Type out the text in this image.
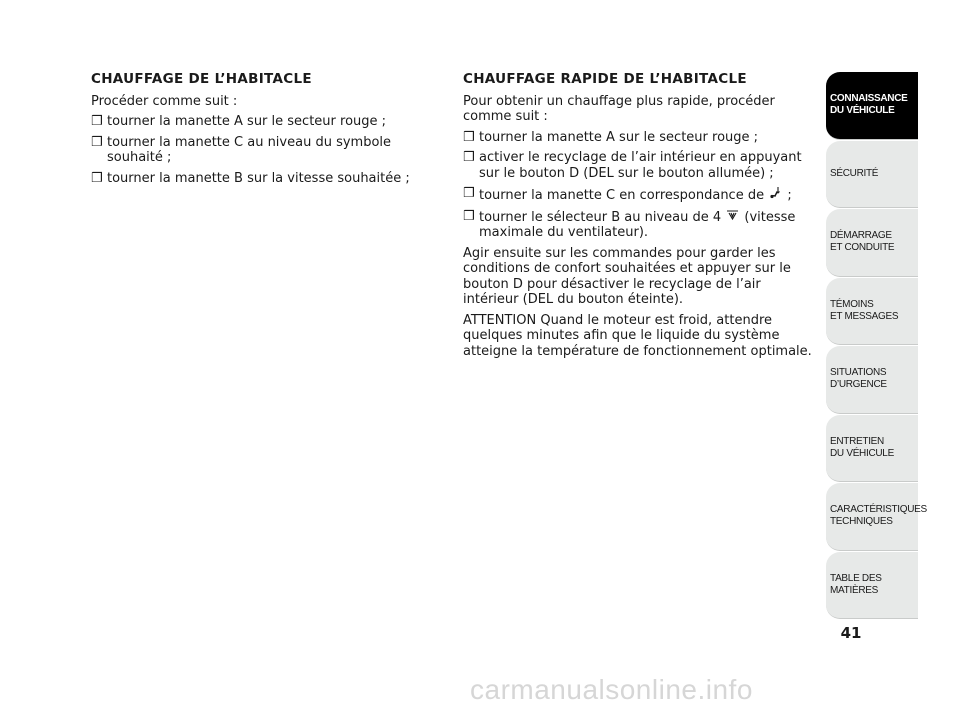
CHAUFFAGE DE L’HABITACLE
Procéder comme suit :
❒ tourner la manette A sur le secteur rouge ;
❒ tourner la manette C au niveau du symbole souhaité ;
❒ tourner la manette B sur la vitesse souhaitée ;
CHAUFFAGE RAPIDE DE L’HABITACLE
Pour obtenir un chauffage plus rapide, procéder comme suit :
❒ tourner la manette A sur le secteur rouge ;
❒ activer le recyclage de l’air intérieur en appuyant sur le bouton D (DEL sur le bouton allumée) ;
❒ tourner la manette C en correspondance de ;
❒ tourner le sélecteur B au niveau de 4 (vitesse maximale du ventilateur).
Agir ensuite sur les commandes pour garder les conditions de confort souhaitées et appuyer sur le bouton D pour désactiver le recyclage de l’air intérieur (DEL du bouton éteinte).
ATTENTION Quand le moteur est froid, attendre quelques minutes afin que le liquide du système atteigne la température de fonctionnement optimale.
CONNAISSANCE
DU VÉHICULE
SÉCURITÉ
DÉMARRAGE
ET CONDUITE
TÉMOINS
ET MESSAGES
SITUATIONS
D’URGENCE
ENTRETIEN
DU VÉHICULE
CARACTÉRISTIQUES
TECHNIQUES
TABLE DES
MATIÈRES
41
carmanualsonline.info
